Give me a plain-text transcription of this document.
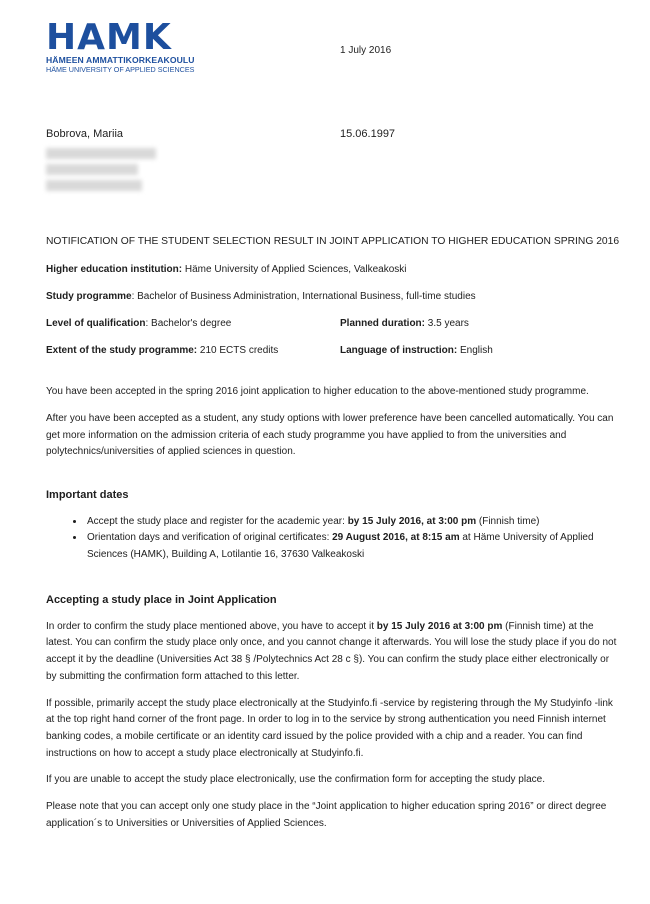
HAMK
HÄMEEN AMMATTIKORKEAKOULU
HÄME UNIVERSITY OF APPLIED SCIENCES
1 July 2016
Bobrova, Mariia	15.06.1997
NOTIFICATION OF THE STUDENT SELECTION RESULT IN JOINT APPLICATION TO HIGHER EDUCATION SPRING 2016
Higher education institution: Häme University of Applied Sciences, Valkeakoski
Study programme: Bachelor of Business Administration, International Business, full-time studies
Level of qualification: Bachelor's degree	Planned duration: 3.5 years
Extent of the study programme: 210 ECTS credits	Language of instruction: English

You have been accepted in the spring 2016 joint application to higher education to the above-mentioned study programme.

After you have been accepted as a student, any study options with lower preference have been cancelled automatically. You can get more information on the admission criteria of each study programme you have applied to from the universities and polytechnics/universities of applied sciences in question.

Important dates
• Accept the study place and register for the academic year: by 15 July 2016, at 3:00 pm (Finnish time)
• Orientation days and verification of original certificates: 29 August 2016, at 8:15 am at Häme University of Applied Sciences (HAMK), Building A, Lotilantie 16, 37630 Valkeakoski
Accepting a study place in Joint Application

In order to confirm the study place mentioned above, you have to accept it by 15 July 2016 at 3:00 pm (Finnish time) at the latest. You can confirm the study place only once, and you cannot change it afterwards. You will lose the study place if you do not accept it by the deadline (Universities Act 38 § /Polytechnics Act 28 c §). You can confirm the study place either electronically or by submitting the confirmation form attached to this letter.

If possible, primarily accept the study place electronically at the Studyinfo.fi -service by registering through the My Studyinfo -link at the top right hand corner of the front page. In order to log in to the service by strong authentication you need Finnish internet banking codes, a mobile certificate or an identity card issued by the police provided with a chip and a reader. You can find instructions on how to accept a study place electronically at Studyinfo.fi.

If you are unable to accept the study place electronically, use the confirmation form for accepting the study place.

Please note that you can accept only one study place in the “Joint application to higher education spring 2016” or direct degree application´s to Universities or Universities of Applied Sciences.
